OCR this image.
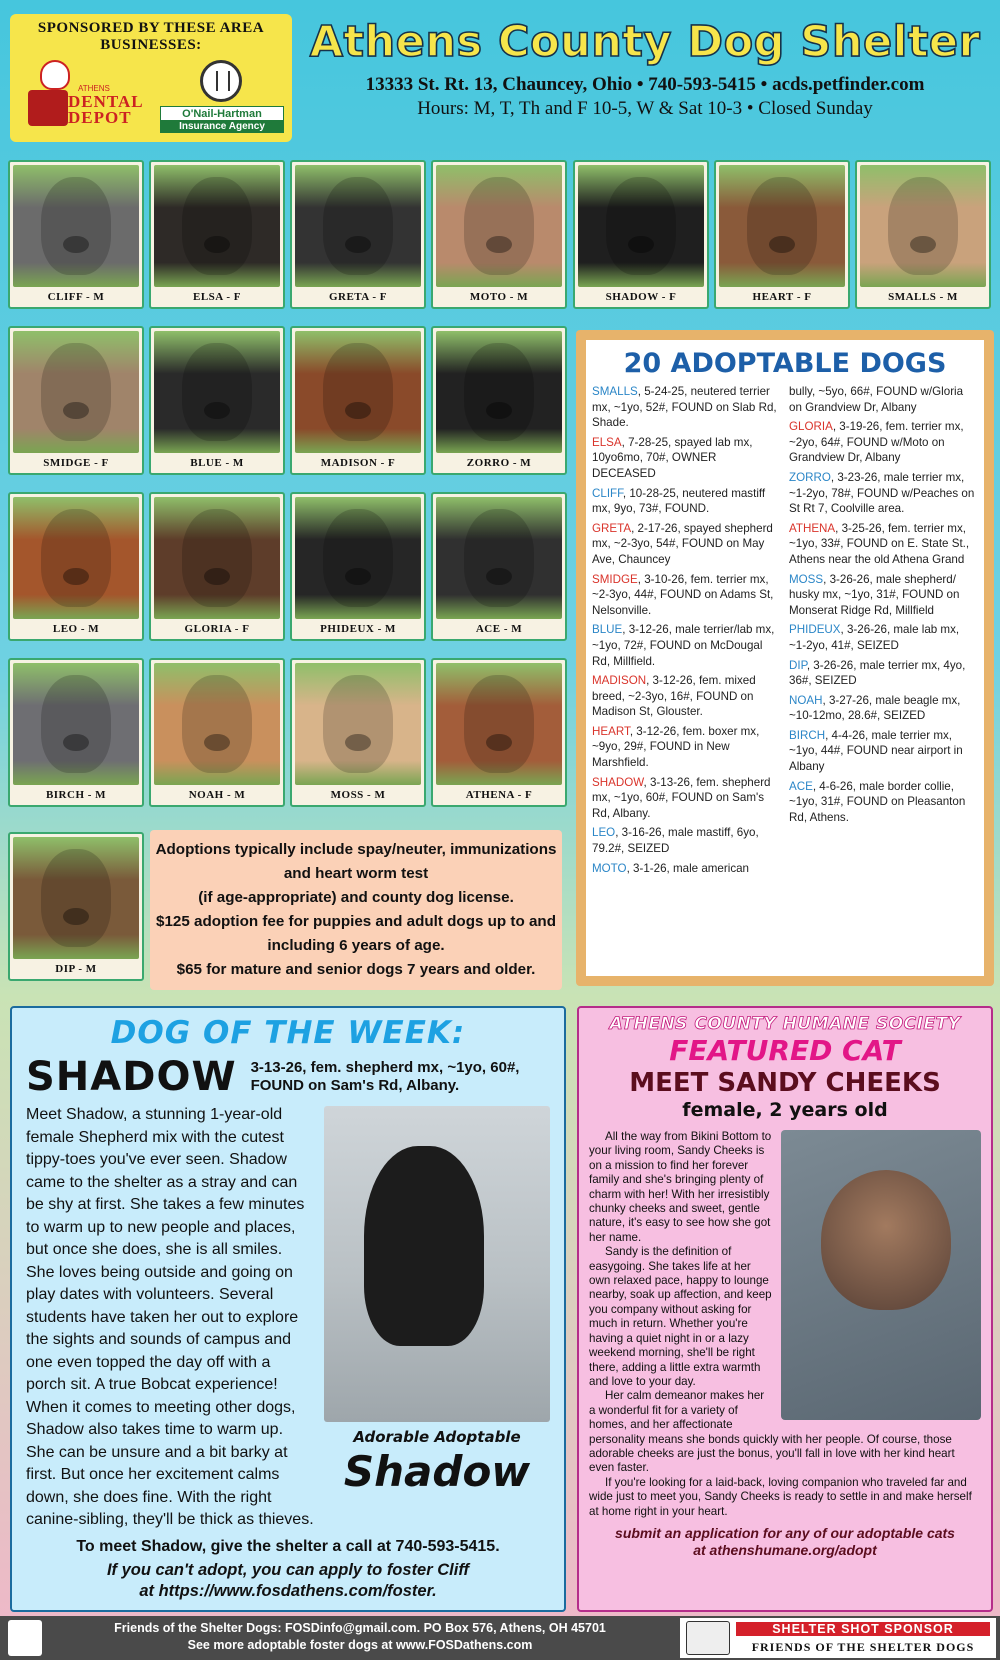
SPONSORED BY THESE AREA BUSINESSES:
ATHENS
DENTAL DEPOT	O'Nail-Hartman
Insurance Agency
Athens County Dog Shelter
13333 St. Rt. 13, Chauncey, Ohio • 740-593-5415 • acds.petfinder.com
Hours: M, T, Th and F 10-5, W & Sat 10-3 • Closed Sunday
CLIFF - M	ELSA - F	GRETA - F	MOTO - M	SHADOW - F	HEART - F	SMALLS - M
SMIDGE - F	BLUE - M	MADISON - F	ZORRO - M
LEO - M	GLORIA - F	PHIDEUX - M	ACE - M
BIRCH - M	NOAH - M	MOSS - M	ATHENA - F
DIP - M
Adoptions typically include spay/neuter, immunizations
and heart worm test
(if age-appropriate) and county dog license.
$125 adoption fee for puppies and adult dogs up to and
including 6 years of age.
$65 for mature and senior dogs 7 years and older.
20 ADOPTABLE DOGS
SMALLS, 5-24-25, neutered terrier mx, ~1yo, 52#, FOUND on Slab Rd, Shade.
ELSA, 7-28-25, spayed lab mx, 10yo6mo, 70#, OWNER DECEASED
CLIFF, 10-28-25, neutered mastiff mx, 9yo, 73#, FOUND.
GRETA, 2-17-26, spayed shepherd mx, ~2-3yo, 54#, FOUND on May Ave, Chauncey
SMIDGE, 3-10-26, fem. terrier mx, ~2-3yo, 44#, FOUND on Adams St, Nelsonville.
BLUE, 3-12-26, male terrier/lab mx, ~1yo, 72#, FOUND on McDougal Rd, Millfield.
MADISON, 3-12-26, fem. mixed breed, ~2-3yo, 16#, FOUND on Madison St, Glouster.
HEART, 3-12-26, fem. boxer mx, ~9yo, 29#, FOUND in New Marshfield.
SHADOW, 3-13-26, fem. shepherd mx, ~1yo, 60#, FOUND on Sam's Rd, Albany.
LEO, 3-16-26, male mastiff, 6yo, 79.2#, SEIZED
MOTO, 3-1-26, male american
bully, ~5yo, 66#, FOUND w/Gloria on Grandview Dr, Albany
GLORIA, 3-19-26, fem. terrier mx, ~2yo, 64#, FOUND w/Moto on Grandview Dr, Albany
ZORRO, 3-23-26, male terrier mx, ~1-2yo, 78#, FOUND w/Peaches on St Rt 7, Coolville area.
ATHENA, 3-25-26, fem. terrier mx, ~1yo, 33#, FOUND on E. State St., Athens near the old Athena Grand
MOSS, 3-26-26, male shepherd/ husky mx, ~1yo, 31#, FOUND on Monserat Ridge Rd, Millfield
PHIDEUX, 3-26-26, male lab mx, ~1-2yo, 41#, SEIZED
DIP, 3-26-26, male terrier mx, 4yo, 36#, SEIZED
NOAH, 3-27-26, male beagle mx, ~10-12mo, 28.6#, SEIZED
BIRCH, 4-4-26, male terrier mx, ~1yo, 44#, FOUND near airport in Albany
ACE, 4-6-26, male border collie, ~1yo, 31#, FOUND on Pleasanton Rd, Athens.
DOG OF THE WEEK:
SHADOW 3-13-26, fem. shepherd mx, ~1yo, 60#, FOUND on Sam's Rd, Albany.
Adorable Adoptable
Shadow
Meet Shadow, a stunning 1-year-old female Shepherd mix with the cutest tippy-toes you've ever seen. Shadow came to the shelter as a stray and can be shy at first. She takes a few minutes to warm up to new people and places, but once she does, she is all smiles. She loves being outside and going on play dates with volunteers. Several students have taken her out to explore the sights and sounds of campus and one even topped the day off with a porch sit. A true Bobcat experience! When it comes to meeting other dogs, Shadow also takes time to warm up. She can be unsure and a bit barky at first. But once her excitement calms down, she does fine. With the right canine-sibling, they'll be thick as thieves.
To meet Shadow, give the shelter a call at 740-593-5415.
If you can't adopt, you can apply to foster Cliff
at https://www.fosdathens.com/foster.
ATHENS COUNTY HUMANE SOCIETY
FEATURED CAT
MEET SANDY CHEEKS
female, 2 years old

All the way from Bikini Bottom to your living room, Sandy Cheeks is on a mission to find her forever family and she's bringing plenty of charm with her! With her irresistibly chunky cheeks and sweet, gentle nature, it's easy to see how she got her name.

Sandy is the definition of easygoing. She takes life at her own relaxed pace, happy to lounge nearby, soak up affection, and keep you company without asking for much in return. Whether you're having a quiet night in or a lazy weekend morning, she'll be right there, adding a little extra warmth and love to your day.

Her calm demeanor makes her a wonderful fit for a variety of homes, and her affectionate personality means she bonds quickly with her people. Of course, those adorable cheeks are just the bonus, you'll fall in love with her kind heart even faster.

If you're looking for a laid-back, loving companion who traveled far and wide just to meet you, Sandy Cheeks is ready to settle in and make herself at home right in your heart.

submit an application for any of our adoptable cats
at athenshumane.org/adopt
Friends of the Shelter Dogs: FOSDinfo@gmail.com. PO Box 576, Athens, OH 45701
See more adoptable foster dogs at www.FOSDathens.com
SHELTER SHOT SPONSOR
FRIENDS OF THE SHELTER DOGS
